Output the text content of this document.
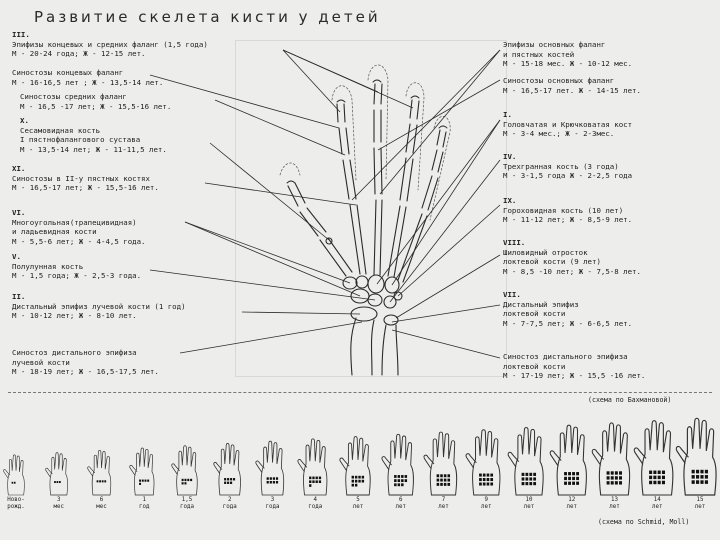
Развитие скелета кисти у детей
III.
Эпифизы концевых и средних фаланг (1,5 года)
М - 20-24 года; Ж - 12-15 лет.
Синостозы концевых фаланг
М - 16-16,5 лет ; Ж - 13,5-14 лет.
Синостозы средних фаланг
М - 16,5 -17 лет; Ж - 15,5-16 лет.
X.
Сесамовидная кость
I пястнофалангового сустава
М - 13,5-14 лет; Ж - 11-11,5 лет.
XI.
Синостозы в II-у пястных костях
М - 16,5-17 лет; Ж - 15,5-16 лет.
VI.
Многоугольная(трапецивидная)
и ладьевидная кости
М - 5,5-6 лет; Ж - 4-4,5 года.
V.
Полулунная кость
М - 1,5 года; Ж - 2,5-3 года.
II.
Дистальный эпифиз лучевой кости (1 год)
М - 10-12 лет; Ж - 8-10 лет.
Синостоз дистального эпифиза
лучевой кости
М - 18-19 лет; Ж - 16,5-17,5 лет.
Эпифизы основных фаланг
и пястных костей
М - 15-18 мес. Ж - 10-12 мес.
Синостозы основных фаланг
М - 16,5-17 лет. Ж - 14-15 лет.
I.
Головчатая и Крючковатая кост
М - 3-4 мес.; Ж - 2-3мес.
IV.
Трехгранная кость (3 года)
М - 3-1,5 года Ж - 2-2,5 года
IX.
Гороховидная кость (10 лет)
М - 11-12 лет; Ж - 8,5-9 лет.
VIII.
Шиловидный отросток
локтевой кости (9 лет)
М - 8,5 -10 лет; Ж - 7,5-8 лет.
VII.
Дистальный эпифиз
локтевой кости
М - 7-7,5 лет; Ж - 6-6,5 лет.
Синостоз дистального эпифиза
локтевой кости
М - 17-19 лет; Ж - 15,5 -16 лет.
(схема по Бахмановой)
Ново-
рожд.
3
мес
6
мес
1
год
1,5
года
2
года
3
года
4
года
5
лет
6
лет
7
лет
9
лет
10
лет
12
лет
13
лет
14
лет
15
лет
(схема по Schmid, Moll)
